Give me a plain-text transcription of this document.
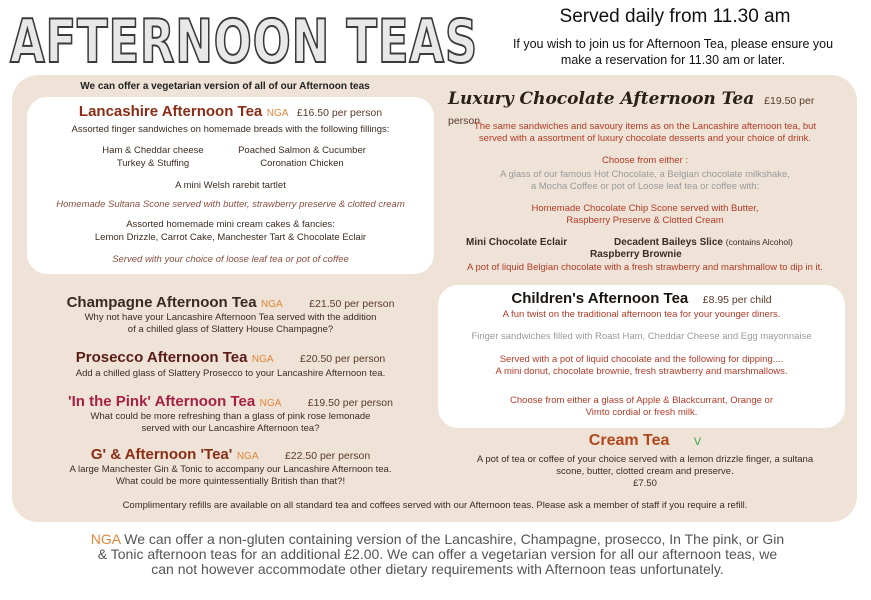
AFTERNOON TEAS	Served daily from 11.30 am
If you wish to join us for Afternoon Tea, please ensure you
make a reservation for 11.30 am or later.
We can offer a vegetarian version of all of our Afternoon teas
Lancashire Afternoon Tea NGA £16.50 per person
Assorted finger sandwiches on homemade breads with the following fillings:
Ham & Cheddar cheese	Poached Salmon & Cucumber
Turkey & Stuffing	Coronation Chicken
A mini Welsh rarebit tartlet
Homemade Sultana Scone served with butter, strawberry preserve & clotted cream
Assorted homemade mini cream cakes & fancies:
Lemon Drizzle, Carrot Cake, Manchester Tart & Chocolate Eclair
Served with your choice of loose leaf tea or pot of coffee
Champagne Afternoon Tea NGA	£21.50 per person
Why not have your Lancashire Afternoon Tea served with the addition
of a chilled glass of Slattery House Champagne?
Prosecco Afternoon Tea NGA	£20.50 per person
Add a chilled glass of Slattery Prosecco to your Lancashire Afternoon tea.
'In the Pink' Afternoon Tea NGA	£19.50 per person
What could be more refreshing than a glass of pink rose lemonade
served with our Lancashire Afternoon tea?
G' & Afternoon 'Tea' NGA	£22.50 per person
A large Manchester Gin & Tonic to accompany our Lancashire Afternoon tea.
What could be more quintessentially British than that?!
Luxury Chocolate Afternoon Tea £19.50 per person
The same sandwiches and savoury items as on the Lancashire afternoon tea, but
served with a assortment of luxury chocolate desserts and your choice of drink.
Choose from either :
A glass of our famous Hot Chocolate, a Belgian chocolate milkshake,
a Mocha Coffee or pot of Loose leaf tea or coffee with:
Homemade Chocolate Chip Scone served with Butter,
Raspberry Preserve & Clotted Cream
Mini Chocolate Eclair	Decadent Baileys Slice (contains Alcohol)
Raspberry Brownie
A pot of liquid Belgian chocolate with a fresh strawberry and marshmallow to dip in it.
Children's Afternoon Tea £8.95 per child
A fun twist on the traditional afternoon tea for your younger diners.
Finger sandwiches filled with Roast Ham, Cheddar Cheese and Egg mayonnaise
Served with a pot of liquid chocolate and the following for dipping....
A mini donut, chocolate brownie, fresh strawberry and marshmallows.
Choose from either a glass of Apple & Blackcurrant, Orange or
Vimto cordial or fresh milk.
Cream Tea V
A pot of tea or coffee of your choice served with a lemon drizzle finger, a sultana
scone, butter, clotted cream and preserve.
£7.50
Complimentary refills are available on all standard tea and coffees served with our Afternoon teas. Please ask a member of staff if you require a refill.
NGA We can offer a non-gluten containing version of the Lancashire, Champagne, prosecco, In The pink, or Gin
& Tonic afternoon teas for an additional £2.00. We can offer a vegetarian version for all our afternoon teas, we
can not however accommodate other dietary requirements with Afternoon teas unfortunately.
